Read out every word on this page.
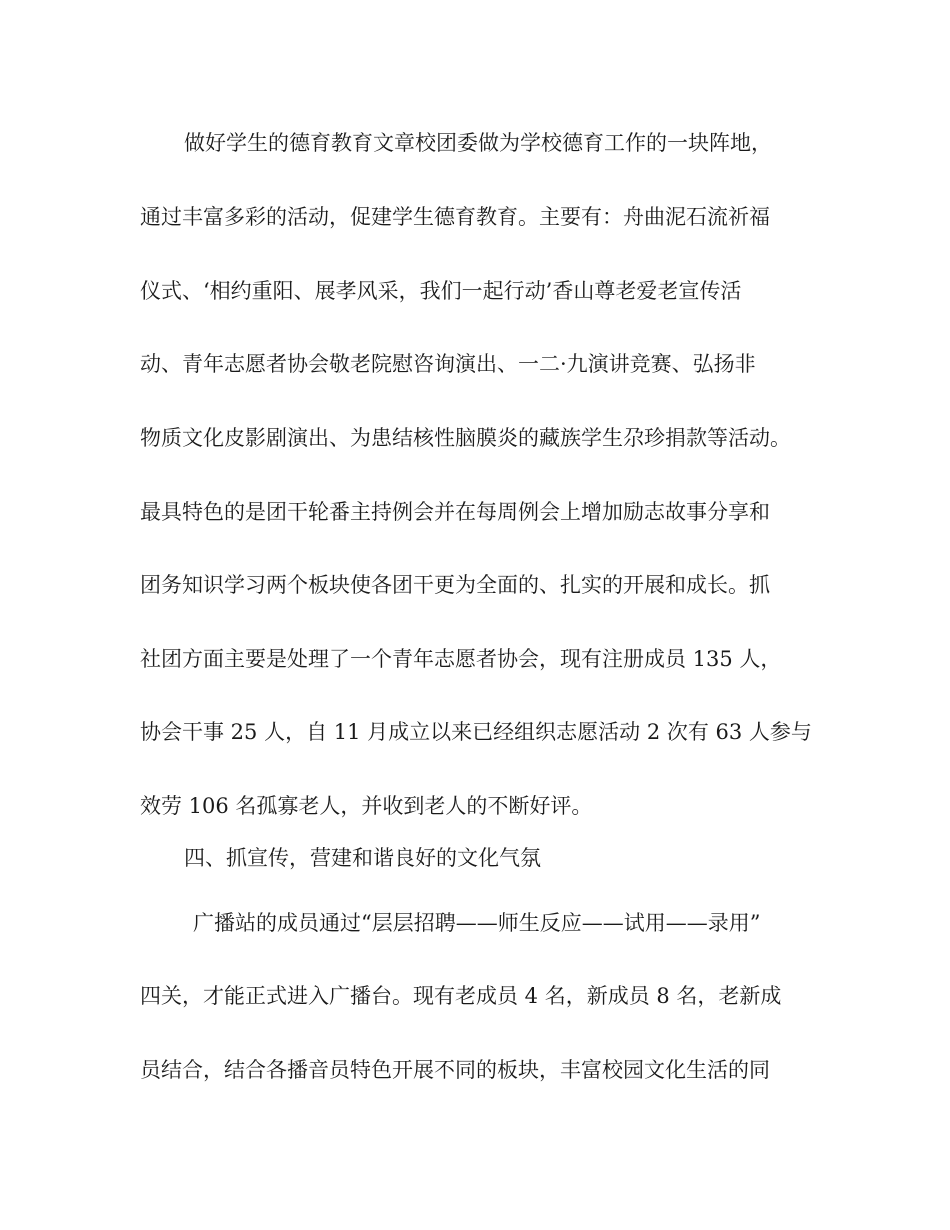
做好学生的德育教育文章校团委做为学校德育工作的一块阵地，
通过丰富多彩的活动，促建学生德育教育。主要有：舟曲泥石流祈福
仪式、‘相约重阳、展孝风采，我们一起行动’香山尊老爱老宣传活
动、青年志愿者协会敬老院慰咨询演出、一二·九演讲竞赛、弘扬非
物质文化皮影剧演出、为患结核性脑膜炎的藏族学生尕珍捐款等活动。
最具特色的是团干轮番主持例会并在每周例会上增加励志故事分享和
团务知识学习两个板块使各团干更为全面的、扎实的开展和成长。抓
社团方面主要是处理了一个青年志愿者协会，现有注册成员 135 人，
协会干事 25 人，自 11 月成立以来已经组织志愿活动 2 次有 63 人参与
效劳 106 名孤寡老人，并收到老人的不断好评。
四、抓宣传，营建和谐良好的文化气氛
广播站的成员通过“层层招聘——师生反应——试用——录用”
四关，才能正式进入广播台。现有老成员 4 名，新成员 8 名，老新成
员结合，结合各播音员特色开展不同的板块，丰富校园文化生活的同
